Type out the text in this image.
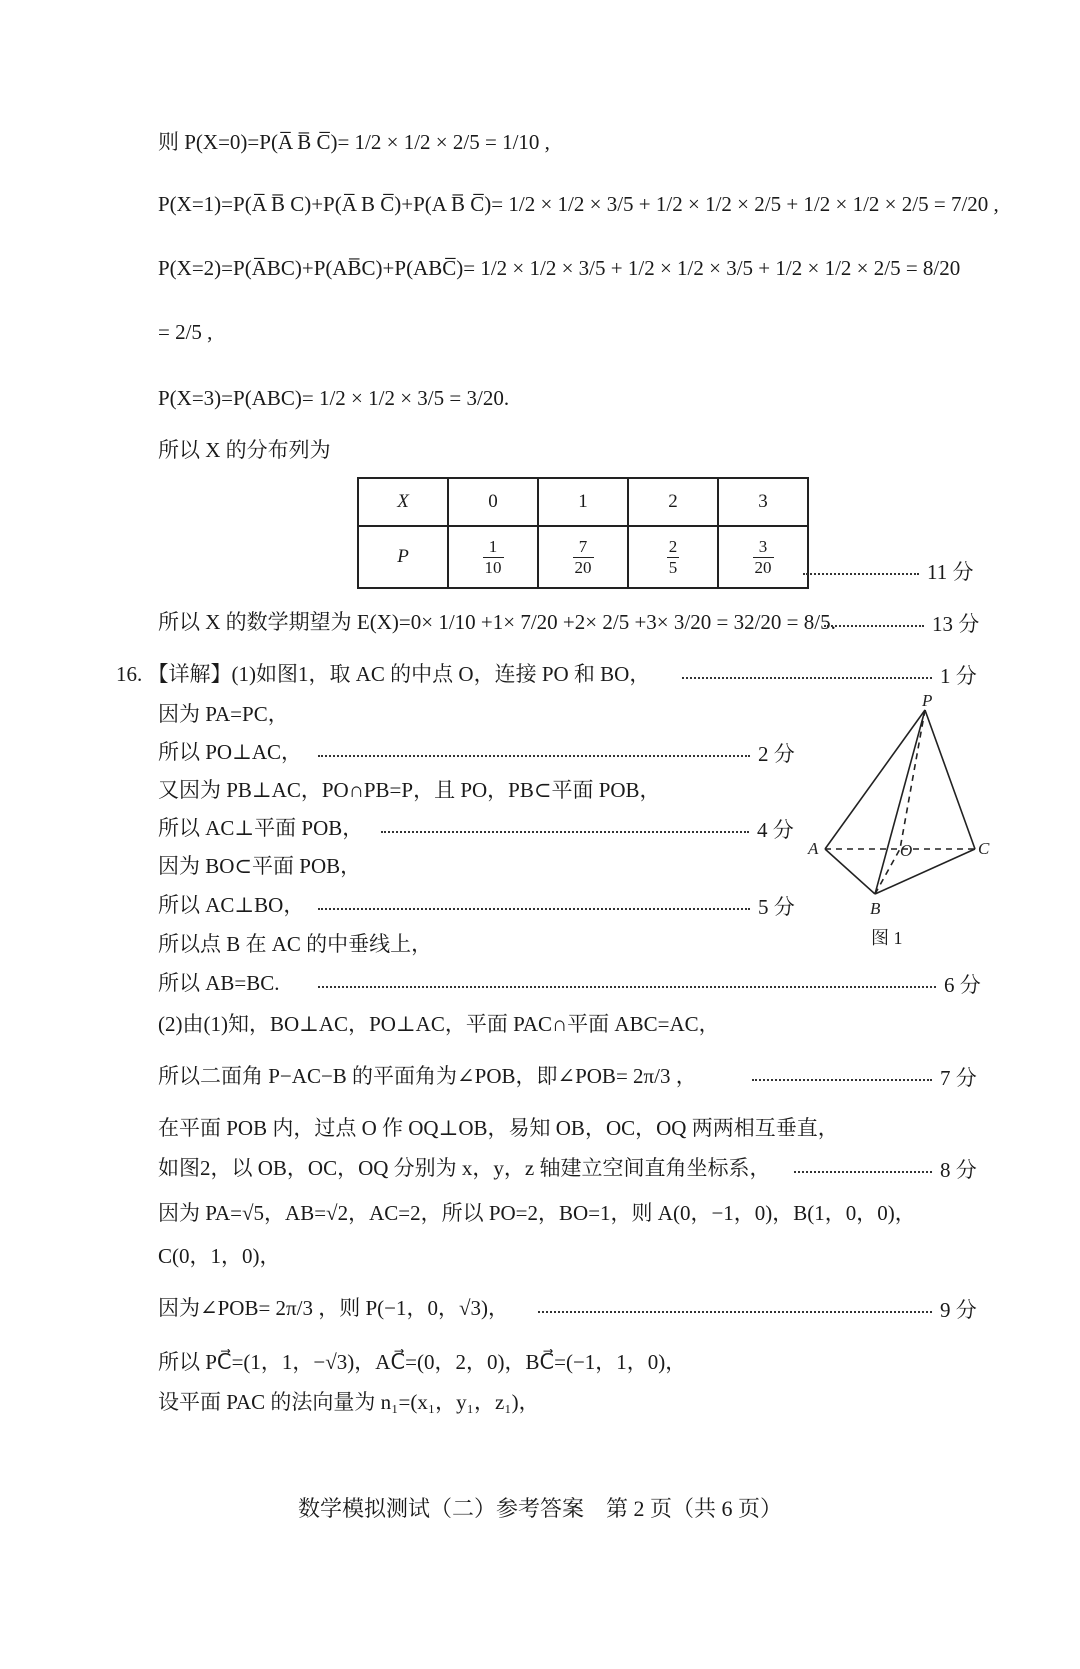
则 P(X=0)=P(A̅ B̅ C̅)= 1/2 × 1/2 × 2/5 = 1/10 ,
P(X=1)=P(A̅ B̅ C)+P(A̅ B C̅)+P(A B̅ C̅)= 1/2 × 1/2 × 3/5 + 1/2 × 1/2 × 2/5 + 1/2 × 1/2 × 2/5 = 7/20 ,
P(X=2)=P(A̅BC)+P(AB̅C)+P(ABC̅)= 1/2 × 1/2 × 3/5 + 1/2 × 1/2 × 3/5 + 1/2 × 1/2 × 2/5 = 8/20
= 2/5 ,
P(X=3)=P(ABC)= 1/2 × 1/2 × 3/5 = 3/20.
所以 X 的分布列为
X	0	1	2	3
P	$\frac{1}{10}$	$\frac{7}{20}$	$\frac{2}{5}$	$\frac{3}{20}$	11 分
所以 X 的数学期望为 E(X)=0× 1/10 +1× 7/20 +2× 2/5 +3× 3/20 = 32/20 = 8/5.	13 分
16. 【详解】(1)如图1，取 AC 的中点 O，连接 PO 和 BO，	1 分
因为 PA=PC，
所以 PO⊥AC，	2 分
又因为 PB⊥AC，PO∩PB=P，且 PO，PB⊂平面 POB，
所以 AC⊥平面 POB，	4 分
因为 BO⊂平面 POB，
所以 AC⊥BO，	5 分
所以点 B 在 AC 的中垂线上，
所以 AB=BC.	6 分
P
A	O	C
B
图 1
(2)由(1)知，BO⊥AC，PO⊥AC，平面 PAC∩平面 ABC=AC，
所以二面角 P−AC−B 的平面角为∠POB，即∠POB= 2π/3 ，	7 分
在平面 POB 内，过点 O 作 OQ⊥OB，易知 OB，OC，OQ 两两相互垂直，
如图2，以 OB，OC，OQ 分别为 x，y，z 轴建立空间直角坐标系，	8 分
因为 PA=√5，AB=√2，AC=2，所以 PO=2，BO=1，则 A(0，−1，0)，B(1，0，0)，
C(0，1，0)，
因为∠POB= 2π/3 ，则 P(−1，0，√3)，	9 分
所以 PC⃗=(1，1，−√3)，AC⃗=(0，2，0)，BC⃗=(−1，1，0)，
设平面 PAC 的法向量为 n₁=(x₁，y₁，z₁)，
数学模拟测试（二）参考答案　第 2 页（共 6 页）
